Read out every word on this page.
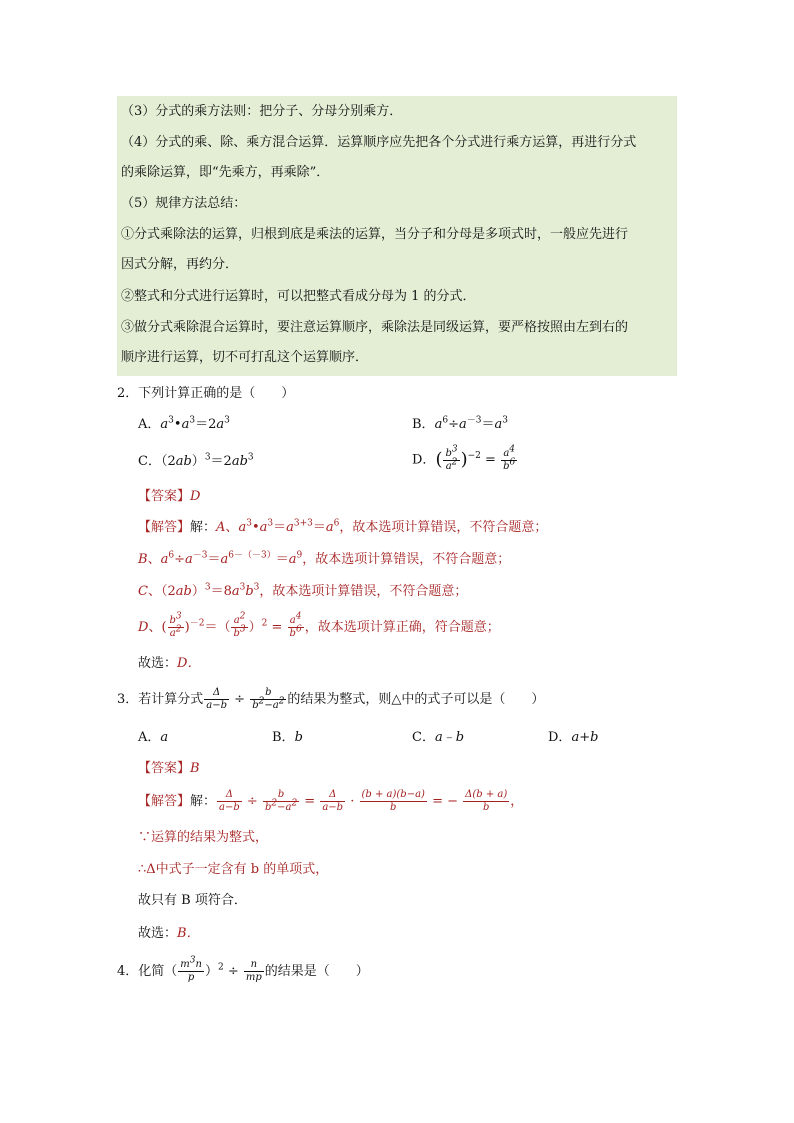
（3）分式的乘方法则：把分子、分母分别乘方．
（4）分式的乘、除、乘方混合运算．运算顺序应先把各个分式进行乘方运算，再进行分式
的乘除运算，即“先乘方，再乘除”．
（5）规律方法总结：
①分式乘除法的运算，归根到底是乘法的运算，当分子和分母是多项式时，一般应先进行
因式分解，再约分．
②整式和分式进行运算时，可以把整式看成分母为 1 的分式．
③做分式乘除混合运算时，要注意运算顺序，乘除法是同级运算，要严格按照由左到右的
顺序进行运算，切不可打乱这个运算顺序．
2．下列计算正确的是（　　）
A．$a^3•a^3=2a^3$	B．$a^6\div a^{-3}=a^3$
C．$(2ab)^3=2ab^3$	D．( $\frac{b^3}{a^2} )^{-2} = \frac{a^4}{b^6}$
【答案】D
【解答】解：A、$a^3•a^3=a^{3+3}=a^6$，故本选项计算错误，不符合题意；
B、$a^6\div a^{-3}=a^{6-(-3)}=a^9$，故本选项计算错误，不符合题意；
C、$(2ab)^3=8a^3b^3$，故本选项计算错误，不符合题意；
D、( $\frac{b^3}{a^2} )^{-2}=( \frac{a^2}{b^3} )^2 = \frac{a^4}{b^6}$ ，故本选项计算正确，符合题意；
故选：D．
3．若计算分式 $\frac{\Delta}{a-b} \div \frac{b}{b^2-a^2}$ 的结果为整式，则△中的式子可以是（　　）
A．a	B．b	C．a﹣b	D．a+b
【答案】B
【解答】解： $\frac{\Delta}{a-b} \div \frac{b}{b^2-a^2} = \frac{\Delta}{a-b} \cdot \frac{(b + a)(b-a)}{b}$ = − $\frac{\Delta(b + a)}{b}$ ，
∵运算的结果为整式，
∴Δ中式子一定含有 b 的单项式，
故只有 B 项符合．
故选：B．
4．化简（ $\frac{m^3n}{p} )^2 \div \frac{n}{mp}$ 的结果是（　　）
